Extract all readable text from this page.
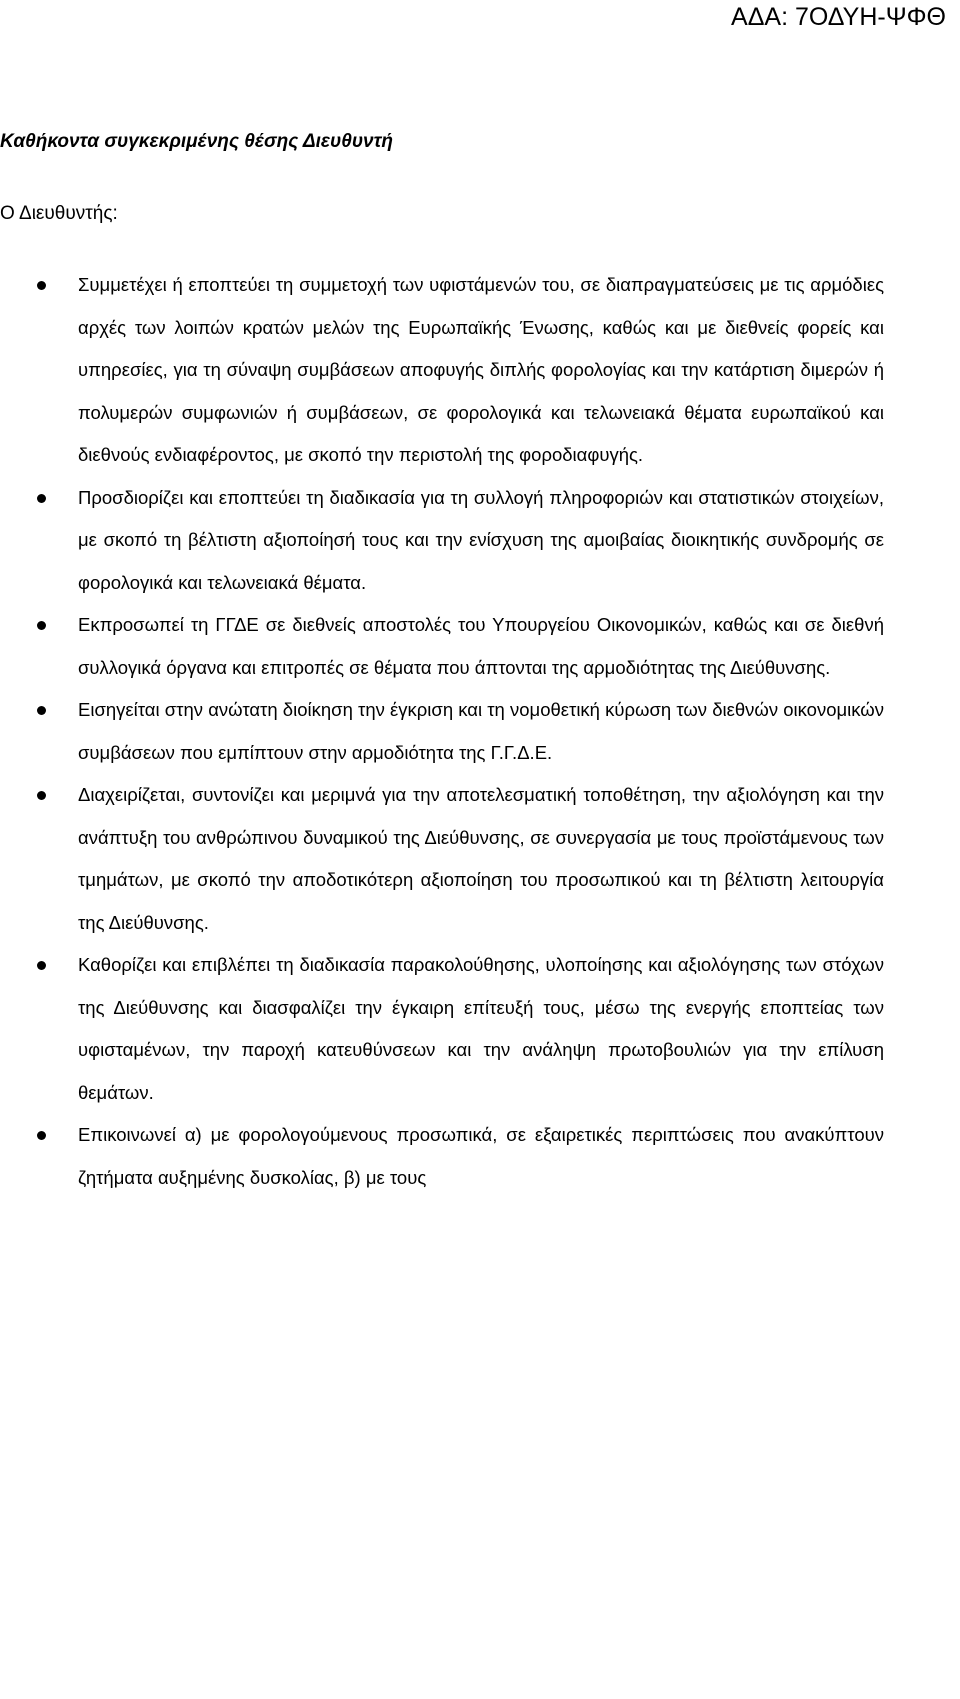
ΑΔΑ: 7ΟΔΥΗ-ΨΦΘ
Καθήκοντα συγκεκριμένης θέσης Διευθυντή
Ο Διευθυντής:
Συμμετέχει ή εποπτεύει τη συμμετοχή των υφιστάμενών του, σε διαπραγματεύσεις με τις αρμόδιες αρχές των λοιπών κρατών μελών της Ευρωπαϊκής Ένωσης, καθώς και με διεθνείς φορείς και υπηρεσίες, για τη σύναψη συμβάσεων αποφυγής διπλής φορολογίας και την κατάρτιση διμερών ή πολυμερών συμφωνιών ή συμβάσεων, σε φορολογικά και τελωνειακά θέματα ευρωπαϊκού και διεθνούς ενδιαφέροντος, με σκοπό την περιστολή της φοροδιαφυγής.
Προσδιορίζει και εποπτεύει τη διαδικασία για τη συλλογή πληροφοριών και στατιστικών στοιχείων, με σκοπό τη βέλτιστη αξιοποίησή τους και την ενίσχυση της αμοιβαίας διοικητικής συνδρομής σε φορολογικά και τελωνειακά θέματα.
Εκπροσωπεί τη ΓΓΔΕ σε διεθνείς αποστολές του Υπουργείου Οικονομικών, καθώς και σε διεθνή συλλογικά όργανα και επιτροπές σε θέματα που άπτονται της αρμοδιότητας της Διεύθυνσης.
Εισηγείται στην ανώτατη διοίκηση την έγκριση και τη νομοθετική κύρωση των διεθνών οικονομικών συμβάσεων που εμπίπτουν στην αρμοδιότητα της Γ.Γ.Δ.Ε.
Διαχειρίζεται, συντονίζει και μεριμνά για την αποτελεσματική τοποθέτηση, την αξιολόγηση και την ανάπτυξη του ανθρώπινου δυναμικού της Διεύθυνσης, σε συνεργασία με τους προϊστάμενους των τμημάτων, με σκοπό την αποδοτικότερη αξιοποίηση του προσωπικού και τη βέλτιστη λειτουργία της Διεύθυνσης.
Καθορίζει και επιβλέπει τη διαδικασία παρακολούθησης, υλοποίησης και αξιολόγησης των στόχων της Διεύθυνσης και διασφαλίζει την έγκαιρη επίτευξή τους, μέσω της ενεργής εποπτείας των υφισταμένων, την παροχή κατευθύνσεων και την ανάληψη πρωτοβουλιών για την επίλυση θεμάτων.
Επικοινωνεί α) με φορολογούμενους προσωπικά, σε εξαιρετικές περιπτώσεις που ανακύπτουν ζητήματα αυξημένης δυσκολίας, β) με τους
